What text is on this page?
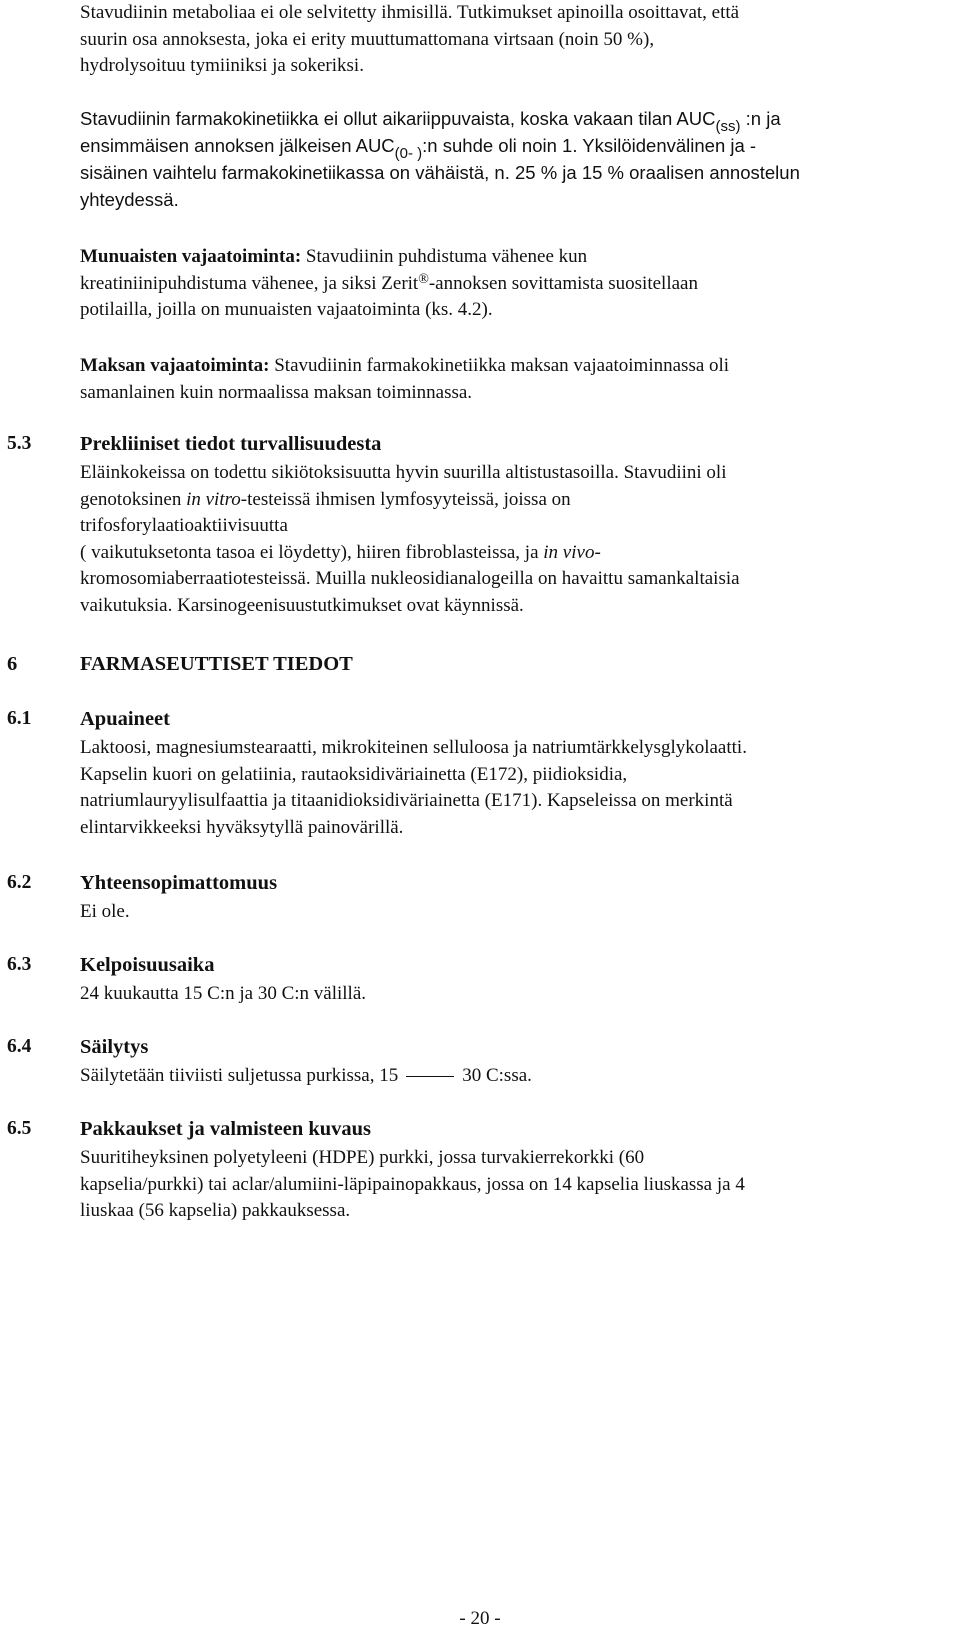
Stavudiinin metaboliaa ei ole selvitetty ihmisillä. Tutkimukset apinoilla osoittavat, että
suurin osa annoksesta, joka ei erity muuttumattomana virtsaan (noin 50 %),
hydrolysoituu tymiiniksi ja sokeriksi.

Stavudiinin farmakokinetiikka ei ollut aikariippuvaista, koska vakaan tilan $AUC_{(ss)}$ :n ja
ensimmäisen annoksen jälkeisen $AUC_{(0- )}:n$ suhde oli noin 1. Yksilöidenvälinen ja -
sisäinen vaihtelu farmakokinetiikassa on vähäistä, n. 25 % ja 15 % oraalisen annostelun
yhteydessä.

Munuaisten vajaatoiminta: Stavudiinin puhdistuma vähenee kun
kreatiniinipuhdistuma vähenee, ja siksi Zerit®-annoksen sovittamista suositellaan
potilailla, joilla on munuaisten vajaatoiminta (ks. 4.2).

Maksan vajaatoiminta: Stavudiinin farmakokinetiikka maksan vajaatoiminnassa oli
samanlainen kuin normaalissa maksan toiminnassa.

5.3 Prekliiniset tiedot turvallisuudesta

Eläinkokeissa on todettu sikiötoksisuutta hyvin suurilla altistustasoilla. Stavudiini oli
genotoksinen in vitro-testeissä ihmisen lymfosyyteissä, joissa on
trifosforylaatioaktiivisuutta
( vaikutuksetonta tasoa ei löydetty), hiiren fibroblasteissa, ja in vivo-
kromosomiaberraatiotesteissä. Muilla nukleosidianalogeilla on havaittu samankaltaisia
vaikutuksia. Karsinogeenisuustutkimukset ovat käynnissä.

6	FARMASEUTTISET TIEDOT
6.1 Apuaineet

Laktoosi, magnesiumstearaatti, mikrokiteinen selluloosa ja natriumtärkkelysglykolaatti.
Kapselin kuori on gelatiinia, rautaoksidiväriainetta (E172), piidioksidia,
natriumlauryylisulfaattia ja titaanidioksidiväriainetta (E171). Kapseleissa on merkintä
elintarvikkeeksi hyväksytyllä painovärillä.

6.2 Yhteensopimattomuus

Ei ole.

6.3 Kelpoisuusaika

24 kuukautta 15 C:n ja 30 C:n välillä.

6.4 Säilytys

Säilytetään tiiviisti suljetussa purkissa, 15	30 C:ssa.

6.5 Pakkaukset ja valmisteen kuvaus

Suuritiheyksinen polyetyleeni (HDPE) purkki, jossa turvakierrekorkki (60
kapselia/purkki) tai aclar/alumiini-läpipainopakkaus, jossa on 14 kapselia liuskassa ja 4
liuskaa (56 kapselia) pakkauksessa.

- 20 -
